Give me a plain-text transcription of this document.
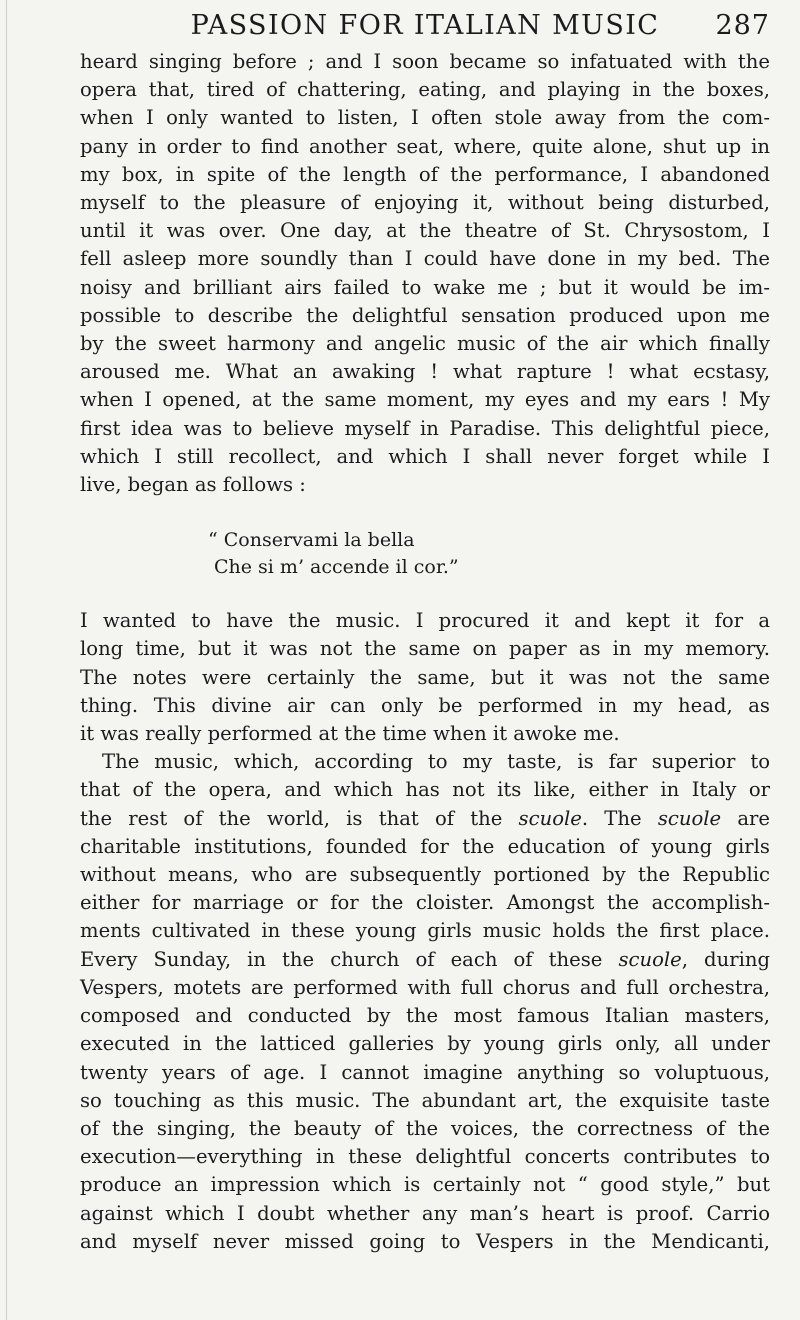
PASSION FOR ITALIAN MUSIC 287

heard singing before ; and I soon became so infatuated with the
opera that, tired of chattering, eating, and playing in the boxes,
when I only wanted to listen, I often stole away from the com-
pany in order to find another seat, where, quite alone, shut up in
my box, in spite of the length of the performance, I abandoned
myself to the pleasure of enjoying it, without being disturbed,
until it was over. One day, at the theatre of St. Chrysostom, I
fell asleep more soundly than I could have done in my bed. The
noisy and brilliant airs failed to wake me ; but it would be im-
possible to describe the delightful sensation produced upon me
by the sweet harmony and angelic music of the air which finally
aroused me. What an awaking ! what rapture ! what ecstasy,
when I opened, at the same moment, my eyes and my ears ! My
first idea was to believe myself in Paradise. This delightful piece,
which I still recollect, and which I shall never forget while I
live, began as follows :

“ Conservami la bella
Che si m’ accende il cor.”

I wanted to have the music. I procured it and kept it for a
long time, but it was not the same on paper as in my memory.
The notes were certainly the same, but it was not the same
thing. This divine air can only be performed in my head, as
it was really performed at the time when it awoke me.

The music, which, according to my taste, is far superior to
that of the opera, and which has not its like, either in Italy or
the rest of the world, is that of the scuole. The scuole are
charitable institutions, founded for the education of young girls
without means, who are subsequently portioned by the Republic
either for marriage or for the cloister. Amongst the accomplish-
ments cultivated in these young girls music holds the first place.
Every Sunday, in the church of each of these scuole, during
Vespers, motets are performed with full chorus and full orchestra,
composed and conducted by the most famous Italian masters,
executed in the latticed galleries by young girls only, all under
twenty years of age. I cannot imagine anything so voluptuous,
so touching as this music. The abundant art, the exquisite taste
of the singing, the beauty of the voices, the correctness of the
execution—everything in these delightful concerts contributes to
produce an impression which is certainly not “ good style,” but
against which I doubt whether any man’s heart is proof. Carrio
and myself never missed going to Vespers in the Mendicanti,
